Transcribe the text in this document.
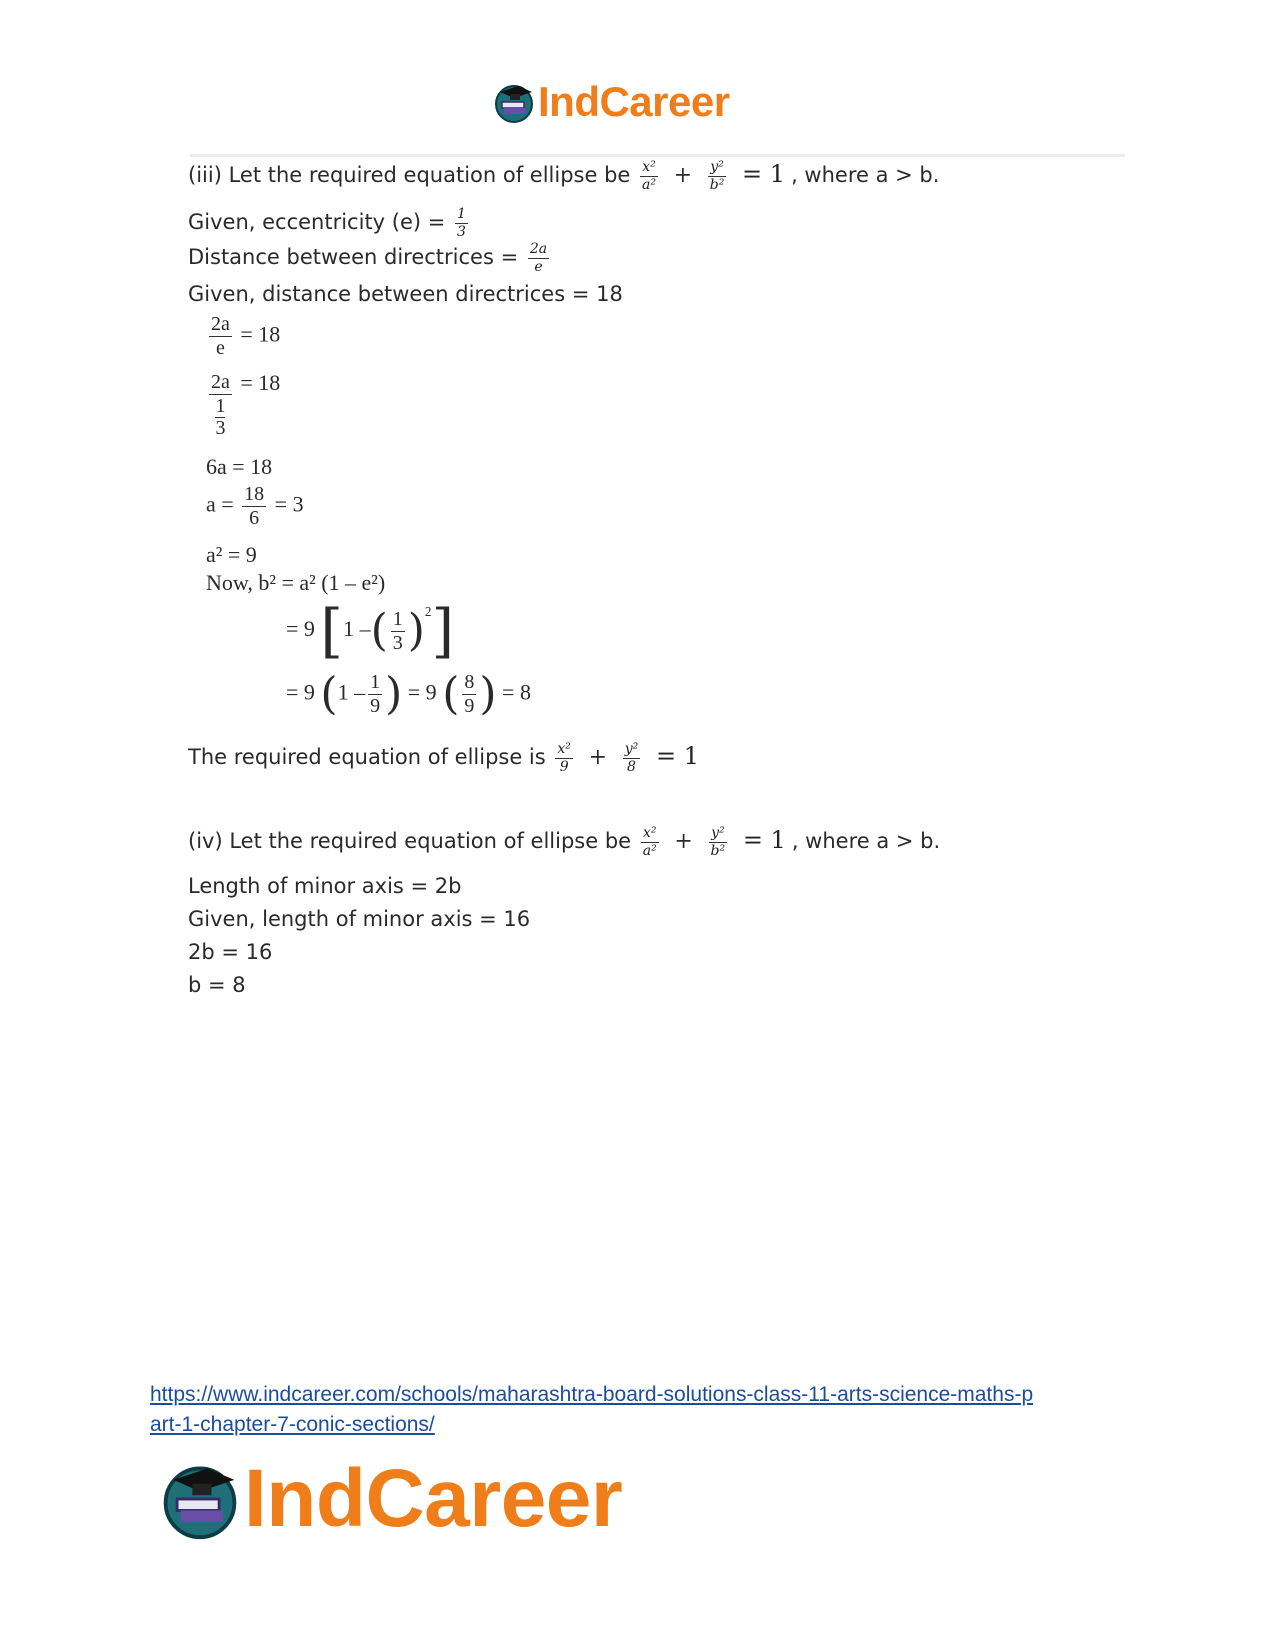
IndCareer
(iii) Let the required equation of ellipse be $\frac{\text{x²}}{\text{a²}} + \frac{\text{y²}}{\text{b²}} = 1$ , where a > b.
Given, eccentricity $(e) = \frac{1}{3}$
Distance between directrices = $\frac{2a}{e}$
Given, distance between directrices = 18
$\frac{2a}{e} = 18$
$\frac{2a}{\frac{1}{3}} = 18$
6a = 18
$a = \frac{18}{6} = 3$
a² = 9
Now, b² = a² (1 – e²)
= 9 [1 –( $\frac{1}{3} )^2$]
= 9 ($1 - \frac{1}{9}$ ) = 9 ( $\frac{8}{9}$ ) = 8
The required equation of ellipse is $\frac{\text{x²}}{9} + \frac{\text{y²}}{8} = 1$
(iv) Let the required equation of ellipse be $\frac{\text{x²}}{\text{a²}} + \frac{\text{y²}}{\text{b²}} = 1$ , where a > b.
Length of minor axis = 2b
Given, length of minor axis = 16
2b = 16
b = 8
https://www.indcareer.com/schools/maharashtra-board-solutions-class-11-arts-science-maths-p
art-1-chapter-7-conic-sections/
IndCareer
